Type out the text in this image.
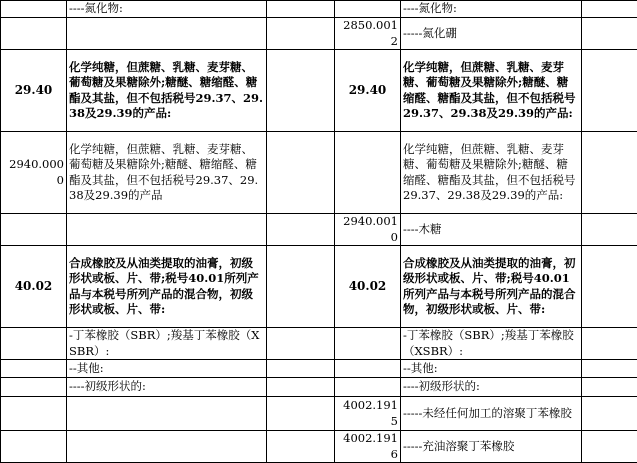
	----氮化物:			----氮化物:	
			2850.0012	-----氮化硼	
29.40	化学纯糖，但蔗糖、乳糖、麦芽糖、葡萄糖及果糖除外;糖醚、糖缩醛、糖酯及其盐，但不包括税号29.37、29.38及29.39的产品:		29.40	化学纯糖，但蔗糖、乳糖、麦芽糖、葡萄糖及果糖除外;糖醚、糖缩醛、糖酯及其盐，但不包括税号29.37、29.38及29.39的产品:	
2940.0000	化学纯糖，但蔗糖、乳糖、麦芽糖、葡萄糖及果糖除外;糖醚、糖缩醛、糖酯及其盐，但不包括税号29.37、29.38及29.39的产品			化学纯糖，但蔗糖、乳糖、麦芽糖、葡萄糖及果糖除外;糖醚、糖缩醛、糖酯及其盐，但不包括税号29.37、29.38及29.39的产品:	
			2940.0010	----木糖	
40.02	合成橡胶及从油类提取的油膏，初级形状或板、片、带;税号40.01所列产品与本税号所列产品的混合物，初级形状或板、片、带:		40.02	合成橡胶及从油类提取的油膏，初级形状或板、片、带;税号40.01所列产品与本税号所列产品的混合物，初级形状或板、片、带:	
	-丁苯橡胶（SBR）;羧基丁苯橡胶（XSBR）:			-丁苯橡胶（SBR）;羧基丁苯橡胶（XSBR）:	
	--其他:			--其他:	
	----初级形状的:			----初级形状的:	
			4002.1915	-----未经任何加工的溶聚丁苯橡胶	
			4002.1916	-----充油溶聚丁苯橡胶	
